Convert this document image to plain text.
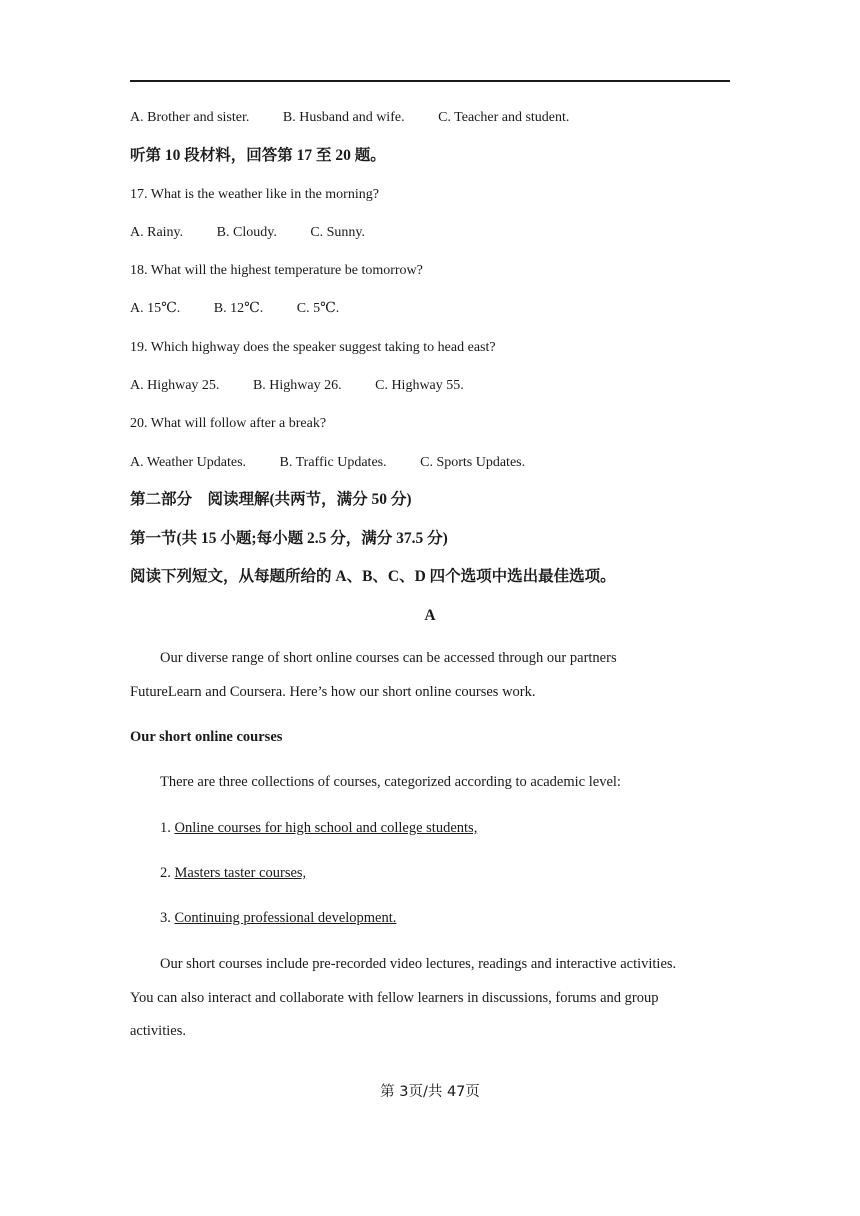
A. Brother and sister. B. Husband and wife. C. Teacher and student.
听第 10 段材料，回答第 17 至 20 题。
17. What is the weather like in the morning?
A. Rainy. B. Cloudy. C. Sunny.
18. What will the highest temperature be tomorrow?
A. 15℃. B. 12℃. C. 5℃.
19. Which highway does the speaker suggest taking to head east?
A. Highway 25. B. Highway 26. C. Highway 55.
20. What will follow after a break?
A. Weather Updates. B. Traffic Updates. C. Sports Updates.
第二部分　阅读理解(共两节，满分 50 分)
第一节(共 15 小题;每小题 2.5 分，满分 37.5 分)
阅读下列短文，从每题所给的 A、B、C、D 四个选项中选出最佳选项。
A
Our diverse range of short online courses can be accessed through our partners
FutureLearn and Coursera. Here’s how our short online courses work.
Our short online courses
There are three collections of courses, categorized according to academic level:
1. Online courses for high school and college students,
2. Masters taster courses,
3. Continuing professional development.
Our short courses include pre-recorded video lectures, readings and interactive activities.
You can also interact and collaborate with fellow learners in discussions, forums and group
activities.
第 3页/共 47页
